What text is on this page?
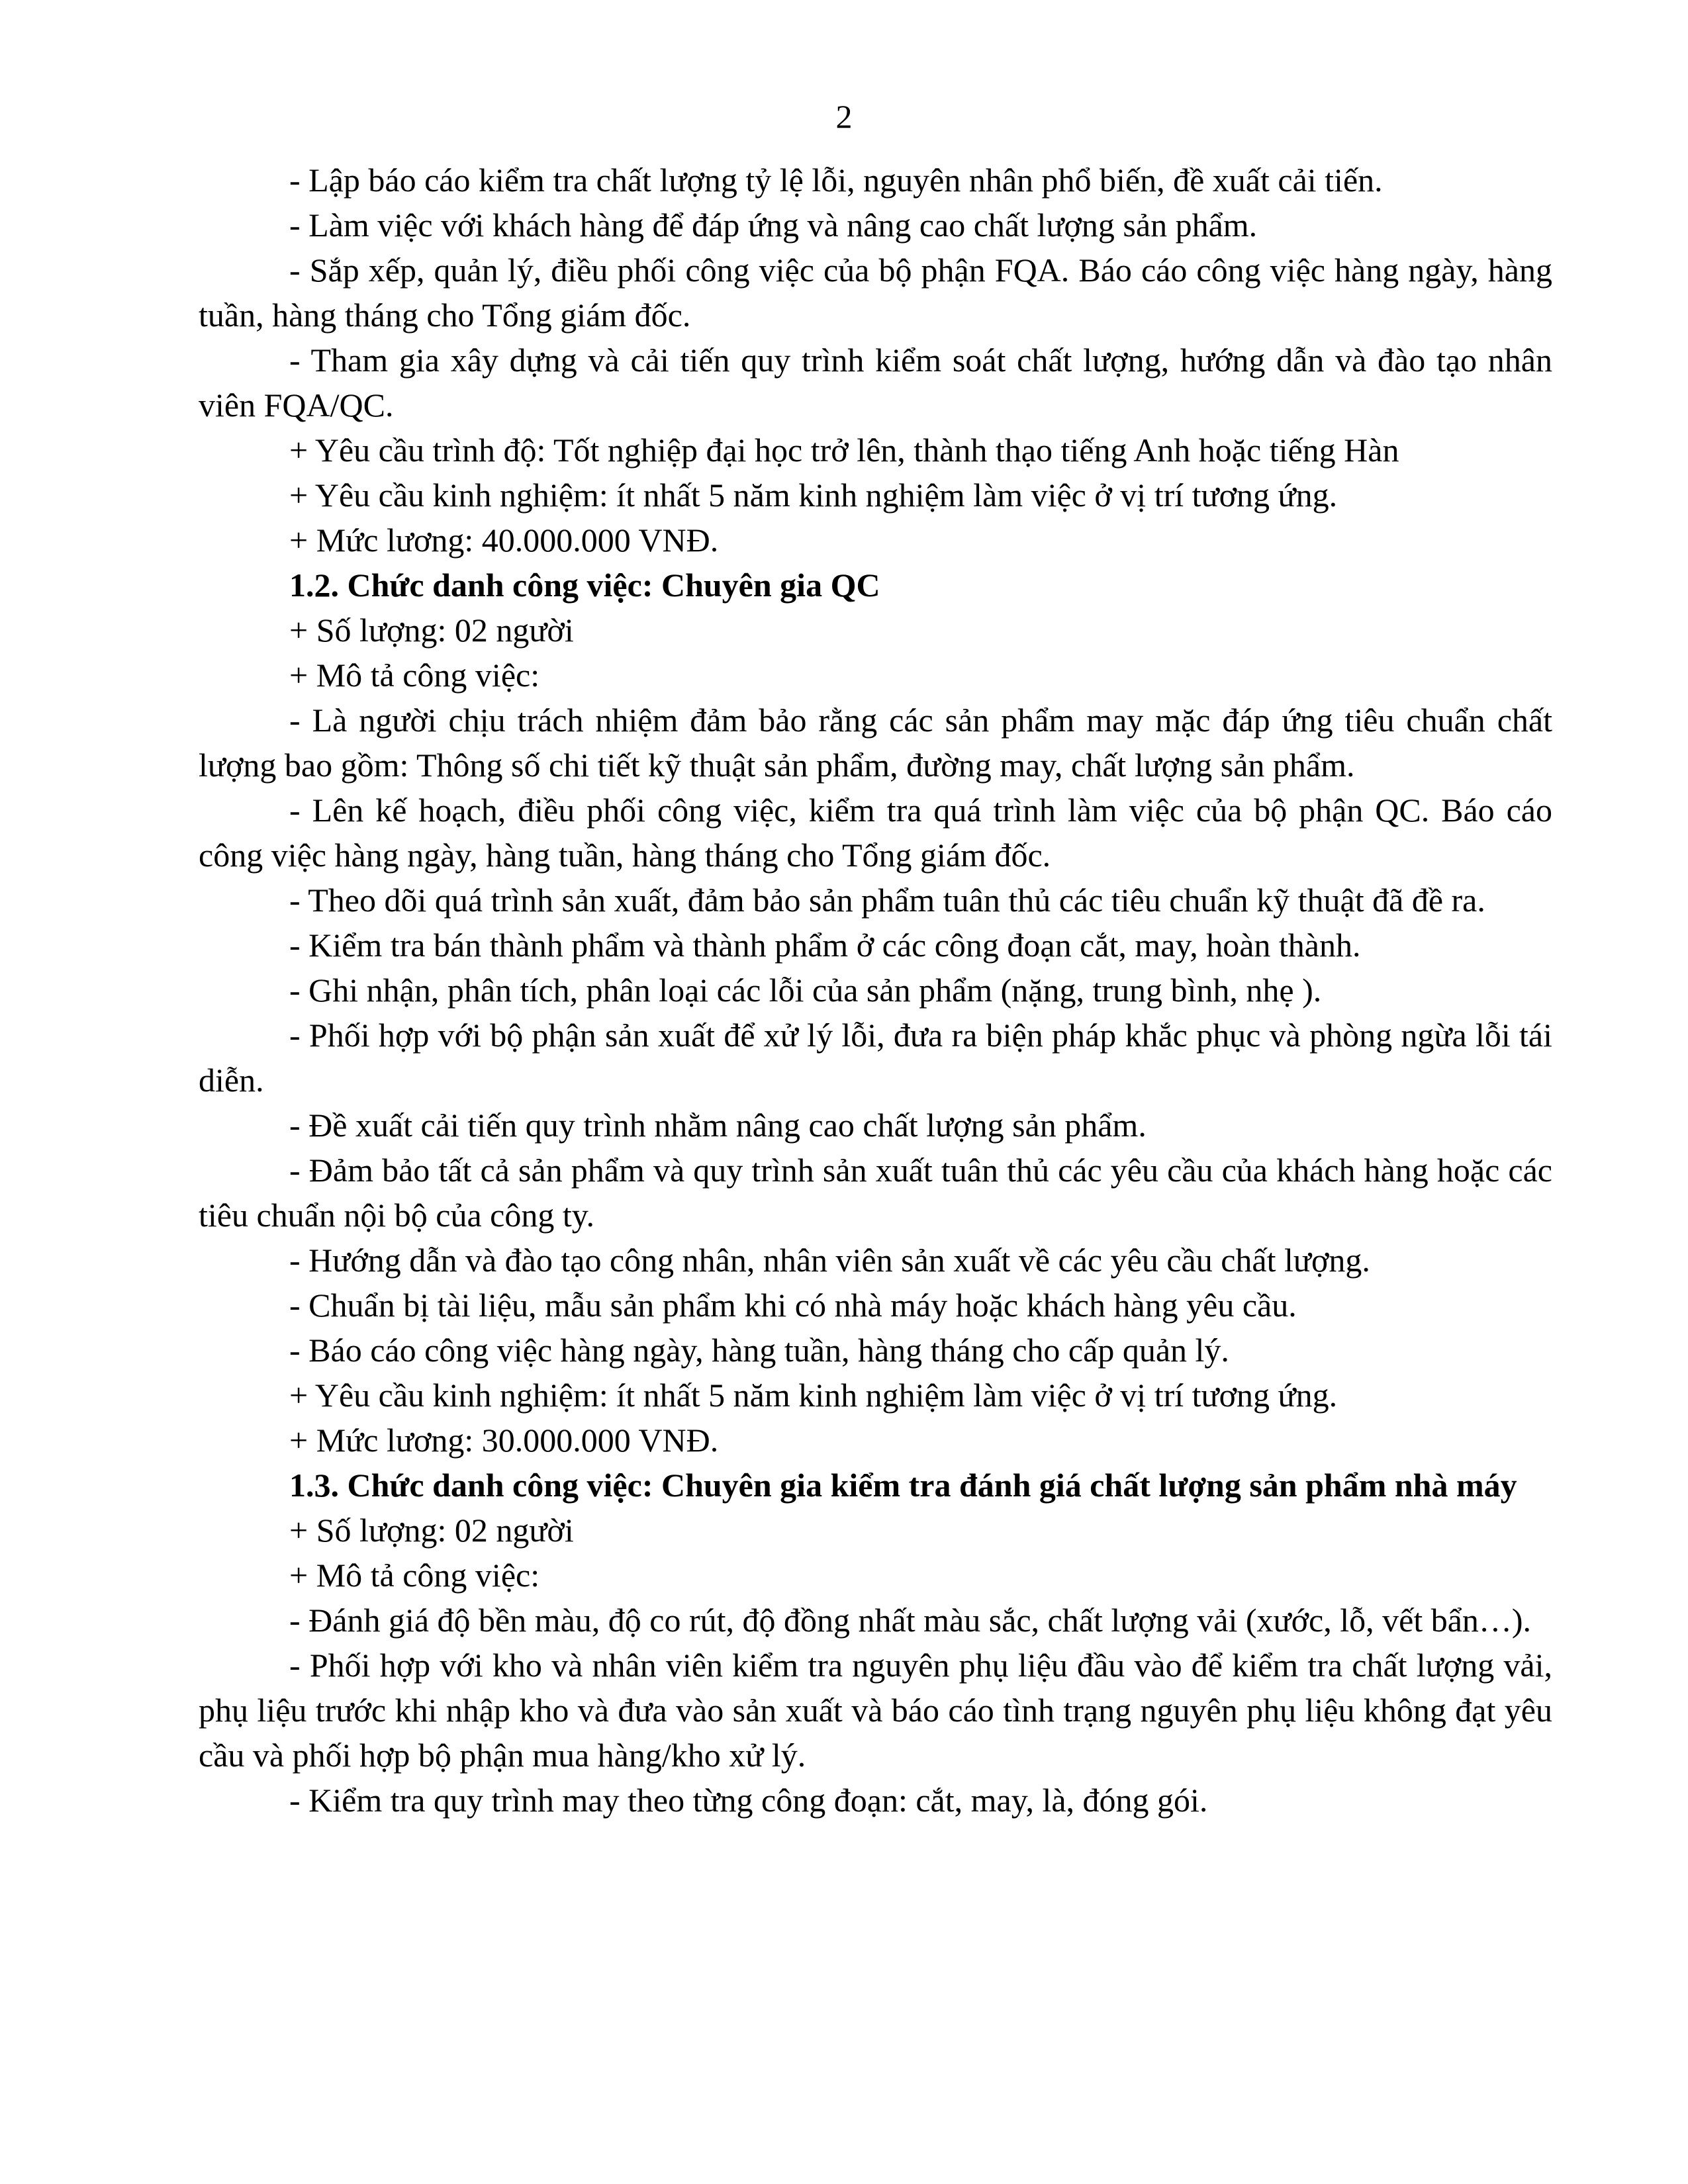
2

- Lập báo cáo kiểm tra chất lượng tỷ lệ lỗi, nguyên nhân phổ biến, đề xuất cải tiến.

- Làm việc với khách hàng để đáp ứng và nâng cao chất lượng sản phẩm.

- Sắp xếp, quản lý, điều phối công việc của bộ phận FQA. Báo cáo công việc hàng ngày, hàng tuần, hàng tháng cho Tổng giám đốc.

- Tham gia xây dựng và cải tiến quy trình kiểm soát chất lượng, hướng dẫn và đào tạo nhân viên FQA/QC.

+ Yêu cầu trình độ: Tốt nghiệp đại học trở lên, thành thạo tiếng Anh hoặc tiếng Hàn

+ Yêu cầu kinh nghiệm: ít nhất 5 năm kinh nghiệm làm việc ở vị trí tương ứng.

+ Mức lương: 40.000.000 VNĐ.

1.2. Chức danh công việc: Chuyên gia QC

+ Số lượng: 02 người

+ Mô tả công việc:

- Là người chịu trách nhiệm đảm bảo rằng các sản phẩm may mặc đáp ứng tiêu chuẩn chất lượng bao gồm: Thông số chi tiết kỹ thuật sản phẩm, đường may, chất lượng sản phẩm.

- Lên kế hoạch, điều phối công việc, kiểm tra quá trình làm việc của bộ phận QC. Báo cáo công việc hàng ngày, hàng tuần, hàng tháng cho Tổng giám đốc.

- Theo dõi quá trình sản xuất, đảm bảo sản phẩm tuân thủ các tiêu chuẩn kỹ thuật đã đề ra.

- Kiểm tra bán thành phẩm và thành phẩm ở các công đoạn cắt, may, hoàn thành.

- Ghi nhận, phân tích, phân loại các lỗi của sản phẩm (nặng, trung bình, nhẹ ).

- Phối hợp với bộ phận sản xuất để xử lý lỗi, đưa ra biện pháp khắc phục và phòng ngừa lỗi tái diễn.

- Đề xuất cải tiến quy trình nhằm nâng cao chất lượng sản phẩm.

- Đảm bảo tất cả sản phẩm và quy trình sản xuất tuân thủ các yêu cầu của khách hàng hoặc các tiêu chuẩn nội bộ của công ty.

- Hướng dẫn và đào tạo công nhân, nhân viên sản xuất về các yêu cầu chất lượng.

- Chuẩn bị tài liệu, mẫu sản phẩm khi có nhà máy hoặc khách hàng yêu cầu.

- Báo cáo công việc hàng ngày, hàng tuần, hàng tháng cho cấp quản lý.

+ Yêu cầu kinh nghiệm: ít nhất 5 năm kinh nghiệm làm việc ở vị trí tương ứng.

+ Mức lương: 30.000.000 VNĐ.

1.3. Chức danh công việc: Chuyên gia kiểm tra đánh giá chất lượng sản phẩm nhà máy

+ Số lượng: 02 người

+ Mô tả công việc:

- Đánh giá độ bền màu, độ co rút, độ đồng nhất màu sắc, chất lượng vải (xước, lỗ, vết bẩn…).

- Phối hợp với kho và nhân viên kiểm tra nguyên phụ liệu đầu vào để kiểm tra chất lượng vải, phụ liệu trước khi nhập kho và đưa vào sản xuất và báo cáo tình trạng nguyên phụ liệu không đạt yêu cầu và phối hợp bộ phận mua hàng/kho xử lý.

- Kiểm tra quy trình may theo từng công đoạn: cắt, may, là, đóng gói.
